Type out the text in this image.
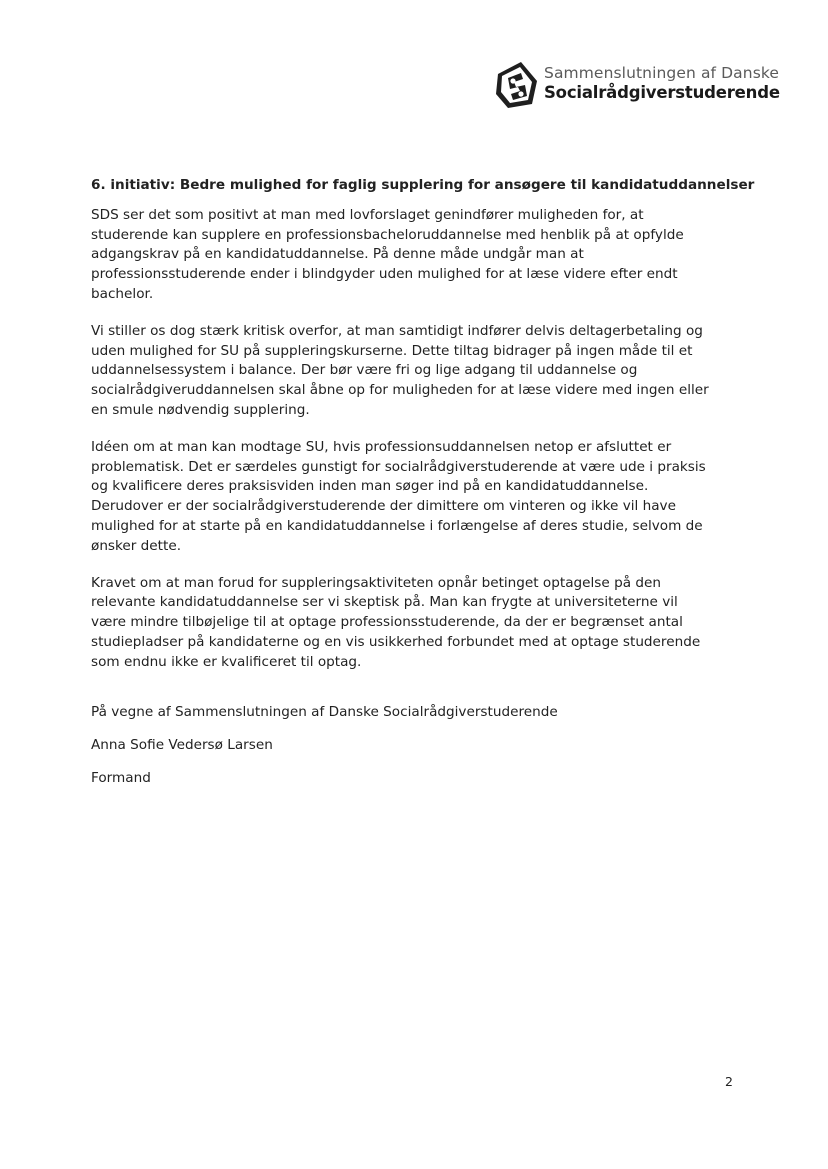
Sammenslutningen af Danske
Socialrådgiverstuderende
6. initiativ: Bedre mulighed for faglig supplering for ansøgere til kandidatuddannelser
SDS ser det som positivt at man med lovforslaget genindfører muligheden for, at
studerende kan supplere en professionsbacheloruddannelse med henblik på at opfylde
adgangskrav på en kandidatuddannelse. På denne måde undgår man at
professionsstuderende ender i blindgyder uden mulighed for at læse videre efter endt
bachelor.
Vi stiller os dog stærk kritisk overfor, at man samtidigt indfører delvis deltagerbetaling og
uden mulighed for SU på suppleringskurserne. Dette tiltag bidrager på ingen måde til et
uddannelsessystem i balance. Der bør være fri og lige adgang til uddannelse og
socialrådgiveruddannelsen skal åbne op for muligheden for at læse videre med ingen eller
en smule nødvendig supplering.
Idéen om at man kan modtage SU, hvis professionsuddannelsen netop er afsluttet er
problematisk. Det er særdeles gunstigt for socialrådgiverstuderende at være ude i praksis
og kvalificere deres praksisviden inden man søger ind på en kandidatuddannelse.
Derudover er der socialrådgiverstuderende der dimittere om vinteren og ikke vil have
mulighed for at starte på en kandidatuddannelse i forlængelse af deres studie, selvom de
ønsker dette.
Kravet om at man forud for suppleringsaktiviteten opnår betinget optagelse på den
relevante kandidatuddannelse ser vi skeptisk på. Man kan frygte at universiteterne vil
være mindre tilbøjelige til at optage professionsstuderende, da der er begrænset antal
studiepladser på kandidaterne og en vis usikkerhed forbundet med at optage studerende
som endnu ikke er kvalificeret til optag.
På vegne af Sammenslutningen af Danske Socialrådgiverstuderende
Anna Sofie Vedersø Larsen
Formand
2
